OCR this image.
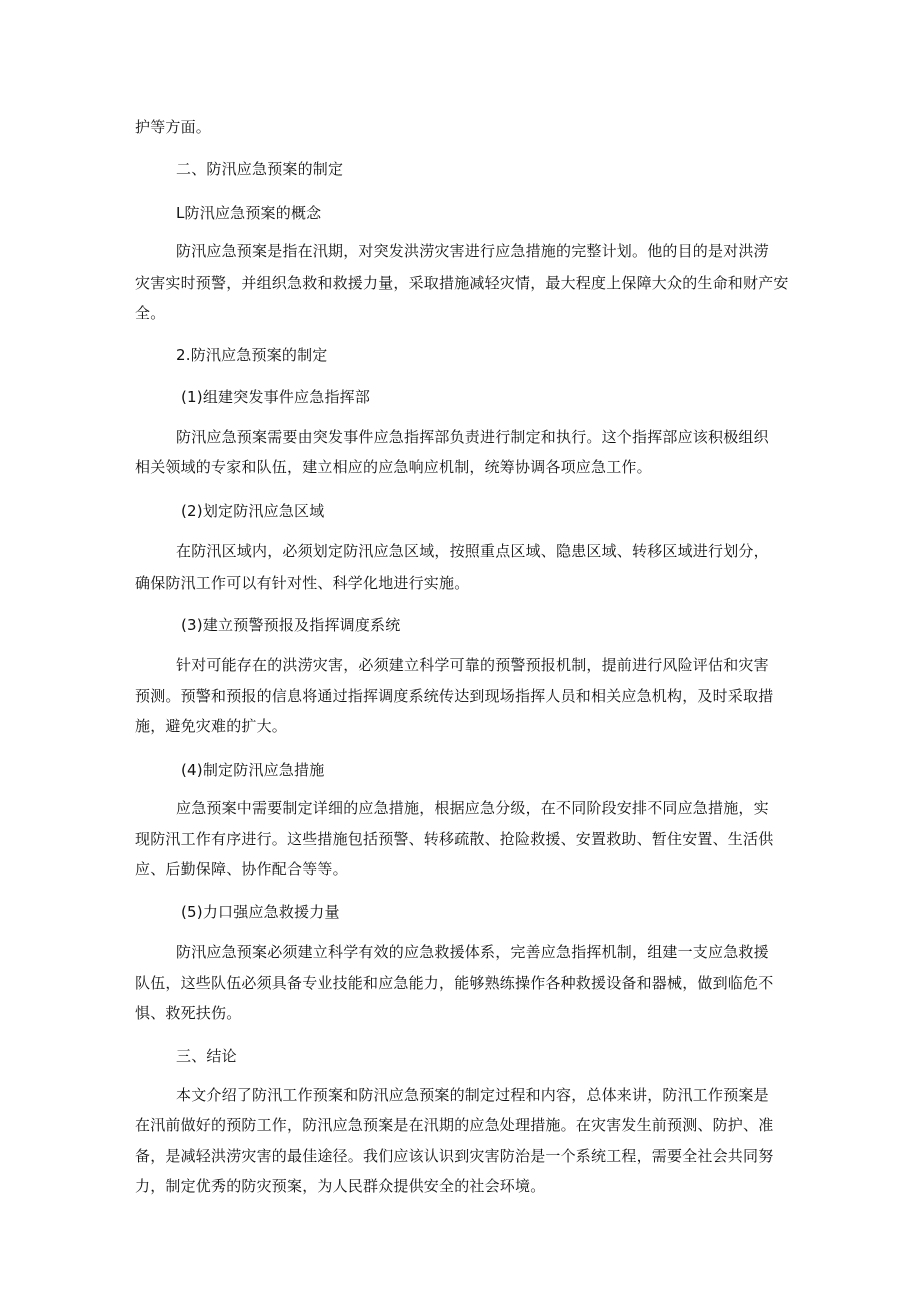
护等方面。
二、防汛应急预案的制定
L防汛应急预案的概念
防汛应急预案是指在汛期，对突发洪涝灾害进行应急措施的完整计划。他的目的是对洪涝
灾害实时预警，并组织急救和救援力量，采取措施减轻灾情，最大程度上保障大众的生命和财产安
全。
2.防汛应急预案的制定
(1)组建突发事件应急指挥部
防汛应急预案需要由突发事件应急指挥部负责进行制定和执行。这个指挥部应该积极组织
相关领域的专家和队伍，建立相应的应急响应机制，统筹协调各项应急工作。
(2)划定防汛应急区域
在防汛区域内，必须划定防汛应急区域，按照重点区域、隐患区域、转移区域进行划分，
确保防汛工作可以有针对性、科学化地进行实施。
(3)建立预警预报及指挥调度系统
针对可能存在的洪涝灾害，必须建立科学可靠的预警预报机制，提前进行风险评估和灾害
预测。预警和预报的信息将通过指挥调度系统传达到现场指挥人员和相关应急机构，及时采取措
施，避免灾难的扩大。
(4)制定防汛应急措施
应急预案中需要制定详细的应急措施，根据应急分级，在不同阶段安排不同应急措施，实
现防汛工作有序进行。这些措施包括预警、转移疏散、抢险救援、安置救助、暂住安置、生活供
应、后勤保障、协作配合等等。
(5)力口强应急救援力量
防汛应急预案必须建立科学有效的应急救援体系，完善应急指挥机制，组建一支应急救援
队伍，这些队伍必须具备专业技能和应急能力，能够熟练操作各种救援设备和器械，做到临危不
惧、救死扶伤。
三、结论
本文介绍了防汛工作预案和防汛应急预案的制定过程和内容，总体来讲，防汛工作预案是
在汛前做好的预防工作，防汛应急预案是在汛期的应急处理措施。在灾害发生前预测、防护、准
备，是减轻洪涝灾害的最佳途径。我们应该认识到灾害防治是一个系统工程，需要全社会共同努
力，制定优秀的防灾预案，为人民群众提供安全的社会环境。
